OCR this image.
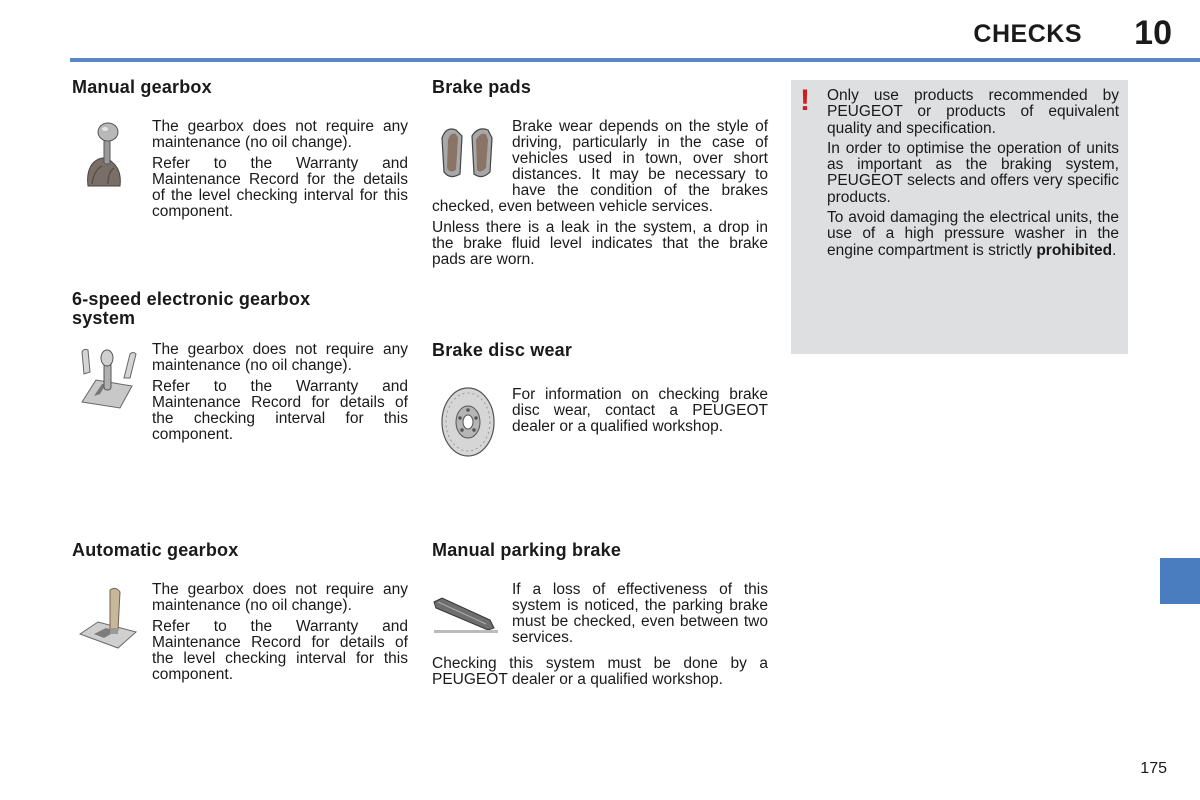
CHECKS 10
Manual gearbox

The gearbox does not require any maintenance (no oil change).

Refer to the Warranty and Maintenance Record for the details of the level checking interval for this component.

6-speed electronic gearbox system

The gearbox does not require any maintenance (no oil change).

Refer to the Warranty and Maintenance Record for details of the checking interval for this component.

Automatic gearbox

The gearbox does not require any maintenance (no oil change).

Refer to the Warranty and Maintenance Record for details of the level checking interval for this component.

Brake pads

Brake wear depends on the style of driving, particularly in the case of vehicles used in town, over short distances. It may be necessary to have the condition of the brakes checked, even between vehicle services.

Unless there is a leak in the system, a drop in the brake fluid level indicates that the brake pads are worn.

Brake disc wear

For information on checking brake disc wear, contact a PEUGEOT dealer or a qualified workshop.

Manual parking brake

If a loss of effectiveness of this system is noticed, the parking brake must be checked, even between two services.

Checking this system must be done by a PEUGEOT dealer or a qualified workshop.

! Only use products recommended by PEUGEOT or products of equivalent quality and specification.

In order to optimise the operation of units as important as the braking system, PEUGEOT selects and offers very specific products.

To avoid damaging the electrical units, the use of a high pressure washer in the engine compartment is strictly prohibited.

175
